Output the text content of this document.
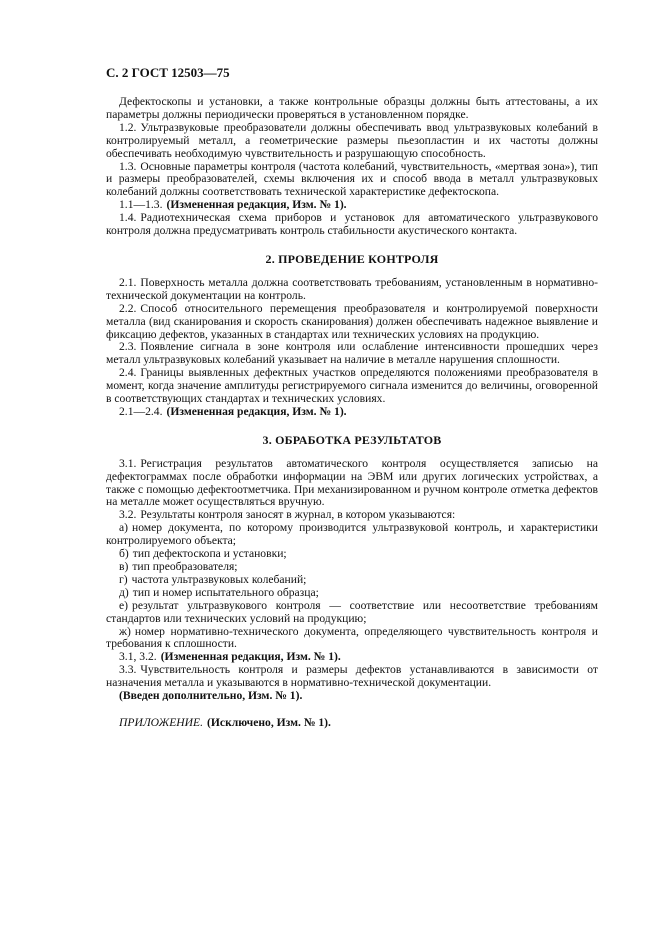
С. 2 ГОСТ 12503—75

Дефектоскопы и установки, а также контрольные образцы должны быть аттестованы, а их параметры должны периодически проверяться в установленном порядке.

1.2. Ультразвуковые преобразователи должны обеспечивать ввод ультразвуковых колебаний в контролируемый металл, а геометрические размеры пьезопластин и их частоты должны обеспечивать необходимую чувствительность и разрушающую способность.

1.3. Основные параметры контроля (частота колебаний, чувствительность, «мертвая зона»), тип и размеры преобразователей, схемы включения их и способ ввода в металл ультразвуковых колебаний должны соответствовать технической характеристике дефектоскопа.

1.1—1.3. (Измененная редакция, Изм. № 1).

1.4. Радиотехническая схема приборов и установок для автоматического ультразвукового контроля должна предусматривать контроль стабильности акустического контакта.

2. ПРОВЕДЕНИЕ КОНТРОЛЯ

2.1. Поверхность металла должна соответствовать требованиям, установленным в нормативно-технической документации на контроль.

2.2. Способ относительного перемещения преобразователя и контролируемой поверхности металла (вид сканирования и скорость сканирования) должен обеспечивать надежное выявление и фиксацию дефектов, указанных в стандартах или технических условиях на продукцию.

2.3. Появление сигнала в зоне контроля или ослабление интенсивности прошедших через металл ультразвуковых колебаний указывает на наличие в металле нарушения сплошности.

2.4. Границы выявленных дефектных участков определяются положениями преобразователя в момент, когда значение амплитуды регистрируемого сигнала изменится до величины, оговоренной в соответствующих стандартах и технических условиях.

2.1—2.4. (Измененная редакция, Изм. № 1).

3. ОБРАБОТКА РЕЗУЛЬТАТОВ

3.1. Регистрация результатов автоматического контроля осуществляется записью на дефектограммах после обработки информации на ЭВМ или других логических устройствах, а также с помощью дефектоотметчика. При механизированном и ручном контроле отметка дефектов на металле может осуществляться вручную.

3.2. Результаты контроля заносят в журнал, в котором указываются:

а) номер документа, по которому производится ультразвуковой контроль, и характеристики контролируемого объекта;

б) тип дефектоскопа и установки;

в) тип преобразователя;

г) частота ультразвуковых колебаний;

д) тип и номер испытательного образца;

е) результат ультразвукового контроля — соответствие или несоответствие требованиям стандартов или технических условий на продукцию;

ж) номер нормативно-технического документа, определяющего чувствительность контроля и требования к сплошности.

3.1, 3.2. (Измененная редакция, Изм. № 1).

3.3. Чувствительность контроля и размеры дефектов устанавливаются в зависимости от назначения металла и указываются в нормативно-технической документации.

(Введен дополнительно, Изм. № 1).

ПРИЛОЖЕНИЕ. (Исключено, Изм. № 1).
